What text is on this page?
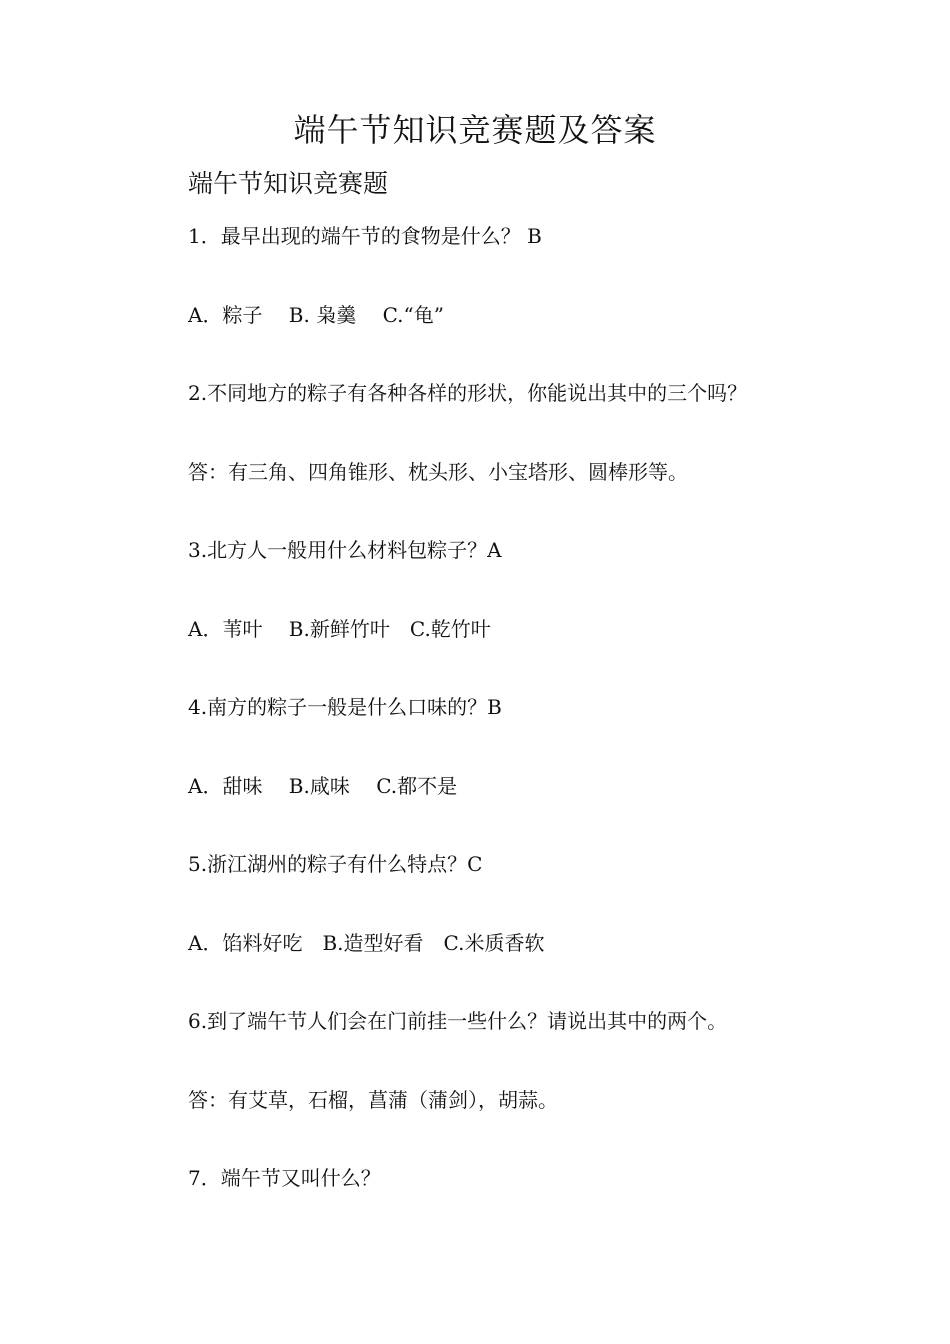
端午节知识竞赛题及答案
端午节知识竞赛题

1．最早出现的端午节的食物是什么？ B

A．粽子　 B. 枭羹　 C.“龟”

2.不同地方的粽子有各种各样的形状，你能说出其中的三个吗？

答：有三角、四角锥形、枕头形、小宝塔形、圆棒形等。

3.北方人一般用什么材料包粽子？A

A．苇叶　 B.新鲜竹叶　C.乾竹叶

4.南方的粽子一般是什么口味的？B

A．甜味　 B.咸味　 C.都不是

5.浙江湖州的粽子有什么特点？C

A．馅料好吃　B.造型好看　C.米质香软

6.到了端午节人们会在门前挂一些什么？请说出其中的两个。

答：有艾草，石榴，菖蒲（蒲剑），胡蒜。

7．端午节又叫什么？
